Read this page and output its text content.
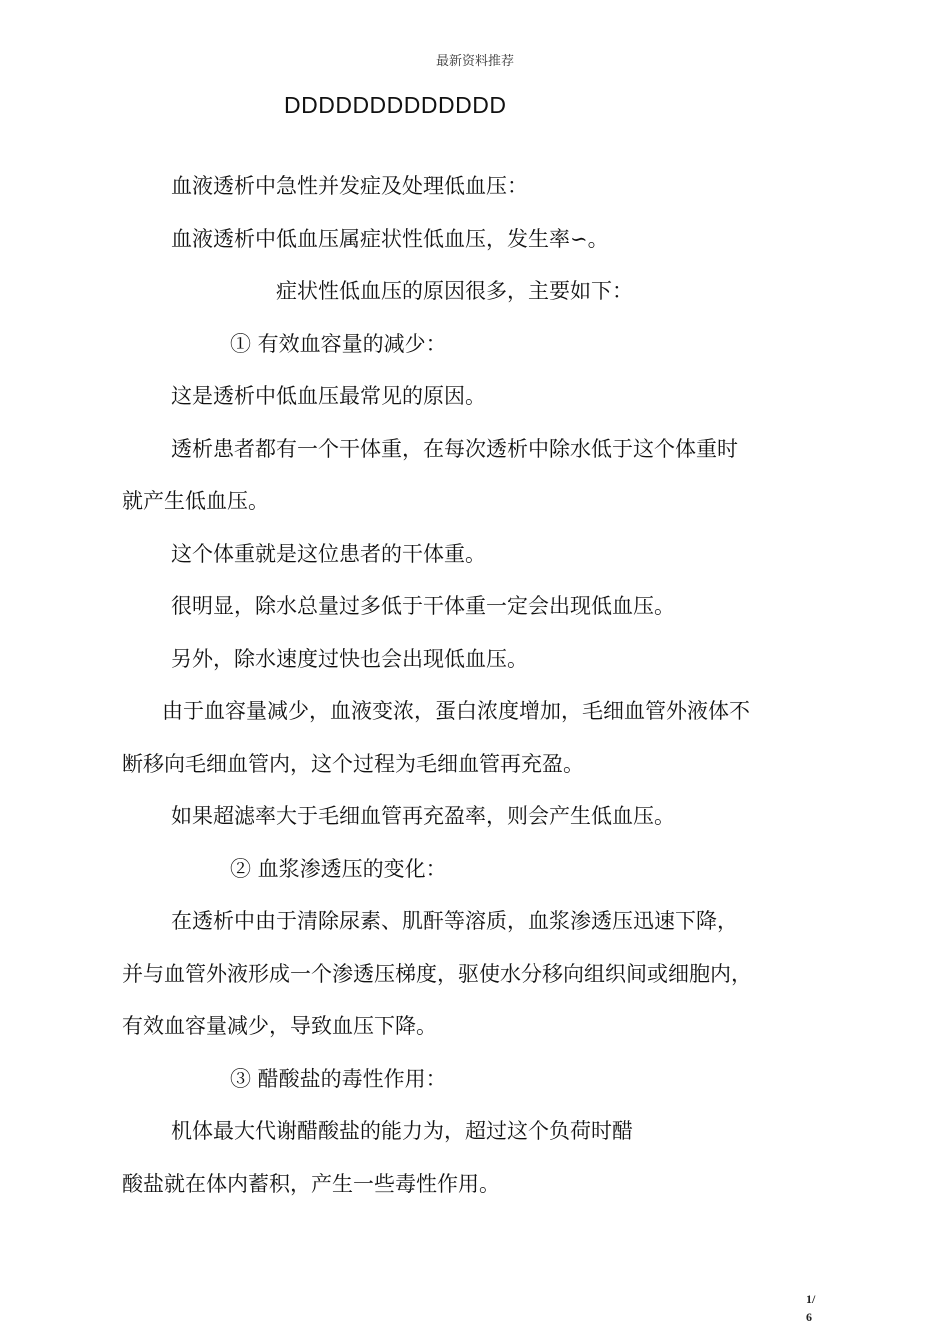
最新资料推荐
DDDDDDDDDDDDD
血液透析中急性并发症及处理低血压：
血液透析中低血压属症状性低血压，发生率∽。
症状性低血压的原因很多，主要如下：
① 有效血容量的减少：
这是透析中低血压最常见的原因。
透析患者都有一个干体重，在每次透析中除水低于这个体重时
就产生低血压。
这个体重就是这位患者的干体重。
很明显，除水总量过多低于干体重一定会出现低血压。
另外，除水速度过快也会出现低血压。
由于血容量减少，血液变浓，蛋白浓度增加，毛细血管外液体不
断移向毛细血管内，这个过程为毛细血管再充盈。
如果超滤率大于毛细血管再充盈率，则会产生低血压。
② 血浆渗透压的变化：
在透析中由于清除尿素、肌酐等溶质，血浆渗透压迅速下降，
并与血管外液形成一个渗透压梯度，驱使水分移向组织间或细胞内，
有效血容量减少，导致血压下降。
③ 醋酸盐的毒性作用：
机体最大代谢醋酸盐的能力为，超过这个负荷时醋
酸盐就在体内蓄积，产生一些毒性作用。
1/
6
